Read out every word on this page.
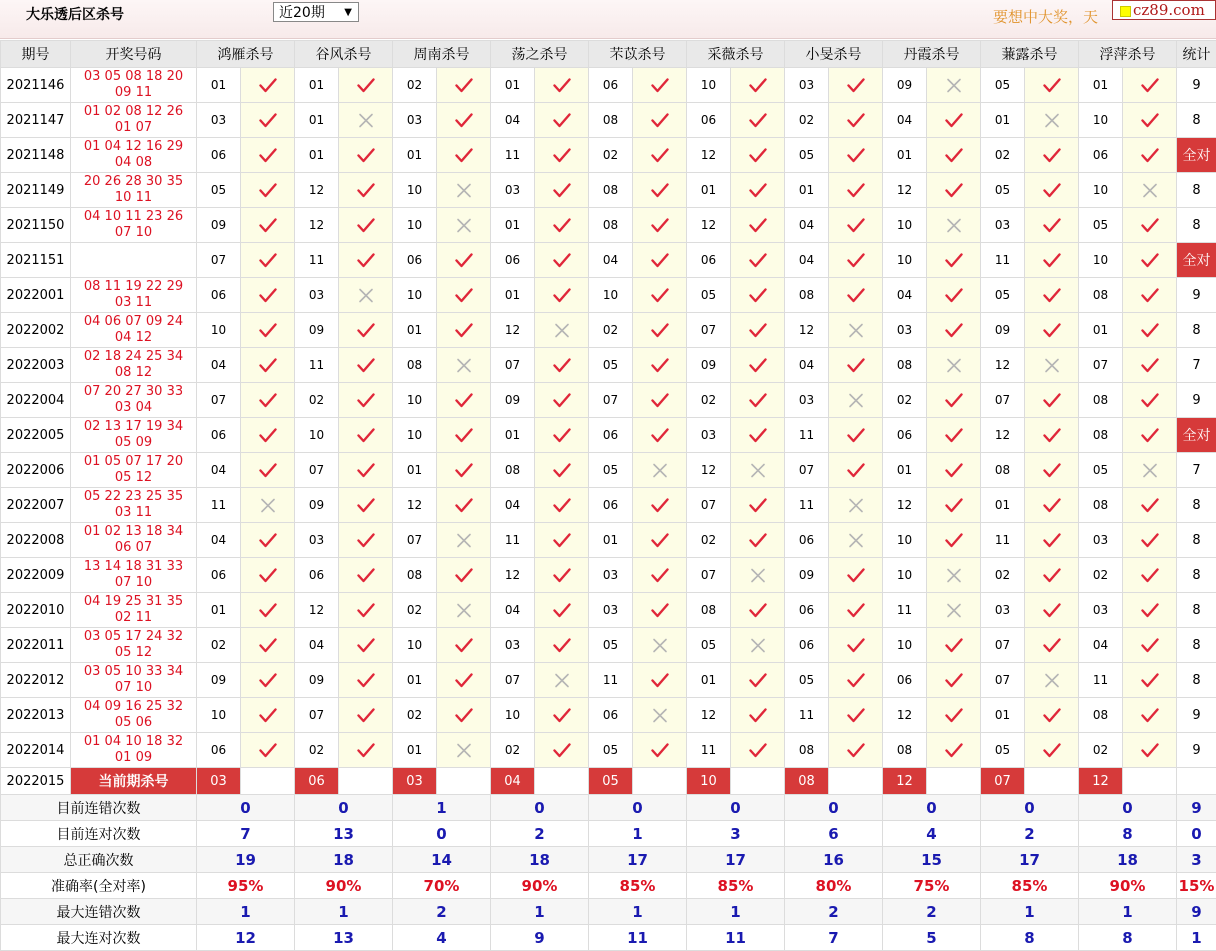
大乐透后区杀号	近20期 ▼	要想中大奖，天 cz89.com
期号	开奖号码	鸿雁杀号		谷风杀号		周南杀号		荡之杀号		芣苡杀号		采薇杀号		小旻杀号		丹霞杀号		蒹露杀号		浮萍杀号		统计
2021146	03 05 08 18 20
09 11	01		01		02		01		06		10		03		09		05		01		9
2021147	01 02 08 12 26
01 07	03		01		03		04		08		06		02		04		01		10		8
2021148	01 04 12 16 29
04 08	06		01		01		11		02		12		05		01		02		06		全对
2021149	20 26 28 30 35
10 11	05		12		10		03		08		01		01		12		05		10		8
2021150	04 10 11 23 26
07 10	09		12		10		01		08		12		04		10		03		05		8
2021151		07		11		06		06		04		06		04		10		11		10		全对
2022001	08 11 19 22 29
03 11	06		03		10		01		10		05		08		04		05		08		9
2022002	04 06 07 09 24
04 12	10		09		01		12		02		07		12		03		09		01		8
2022003	02 18 24 25 34
08 12	04		11		08		07		05		09		04		08		12		07		7
2022004	07 20 27 30 33
03 04	07		02		10		09		07		02		03		02		07		08		9
2022005	02 13 17 19 34
05 09	06		10		10		01		06		03		11		06		12		08		全对
2022006	01 05 07 17 20
05 12	04		07		01		08		05		12		07		01		08		05		7
2022007	05 22 23 25 35
03 11	11		09		12		04		06		07		11		12		01		08		8
2022008	01 02 13 18 34
06 07	04		03		07		11		01		02		06		10		11		03		8
2022009	13 14 18 31 33
07 10	06		06		08		12		03		07		09		10		02		02		8
2022010	04 19 25 31 35
02 11	01		12		02		04		03		08		06		11		03		03		8
2022011	03 05 17 24 32
05 12	02		04		10		03		05		05		06		10		07		04		8
2022012	03 05 10 33 34
07 10	09		09		01		07		11		01		05		06		07		11		8
2022013	04 09 16 25 32
05 06	10		07		02		10		06		12		11		12		01		08		9
2022014	01 04 10 18 32
01 09	06		02		01		02		05		11		08		08		05		02		9
2022015	当前期杀号	03		06		03		04		05		10		08		12		07		12		
目前连错次数		0		0		1		0		0		0		0		0		0		0		9
目前连对次数		7		13		0		2		1		3		6		4		2		8		0
总正确次数		19		18		14		18		17		17		16		15		17		18		3
准确率(全对率)		95%		90%		70%		90%		85%		85%		80%		75%		85%		90%		15%
最大连错次数		1		1		2		1		1		1		2		2		1		1		9
最大连对次数		12		13		4		9		11		11		7		5		8		8		1
